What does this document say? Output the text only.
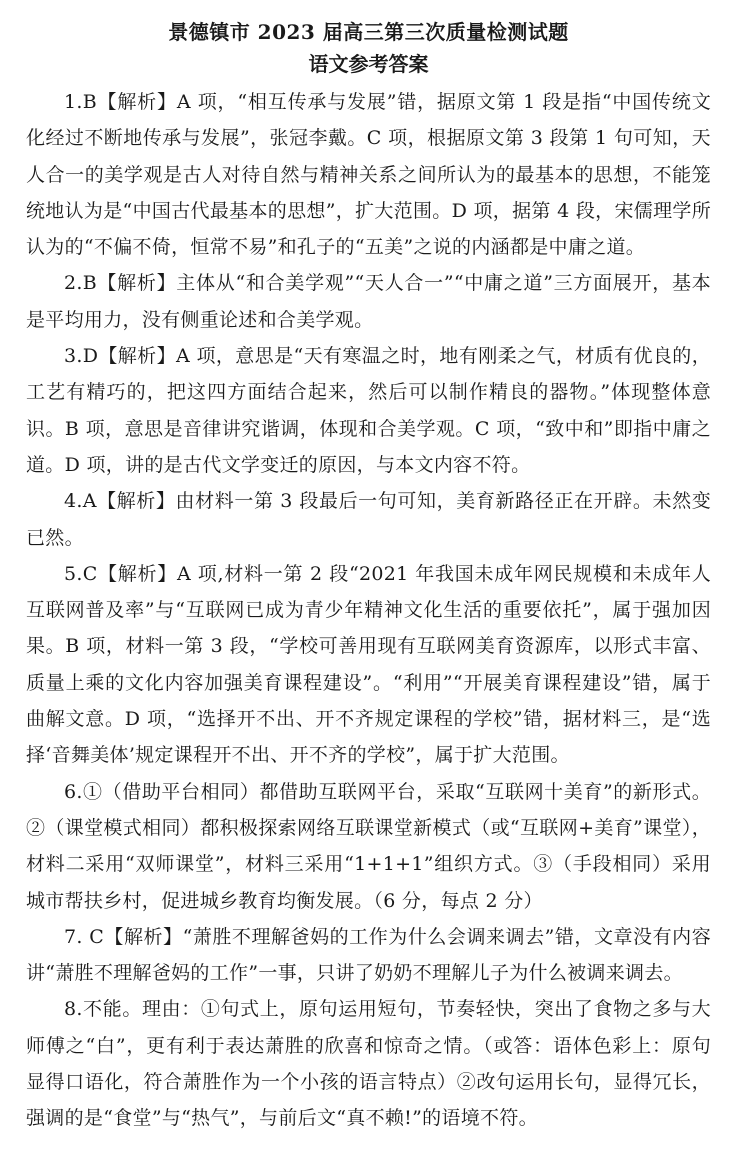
景德镇市 2023 届高三第三次质量检测试题
语文参考答案

1.B【解析】A 项，“相互传承与发展”错，据原文第 1 段是指“中国传统文化经过不断地传承与发展”，张冠李戴。C 项，根据原文第 3 段第 1 句可知，天人合一的美学观是古人对待自然与精神关系之间所认为的最基本的思想，不能笼统地认为是“中国古代最基本的思想”，扩大范围。D 项，据第 4 段，宋儒理学所认为的“不偏不倚，恒常不易”和孔子的“五美”之说的内涵都是中庸之道。

2.B【解析】主体从“和合美学观”“天人合一”“中庸之道”三方面展开，基本是平均用力，没有侧重论述和合美学观。

3.D【解析】A 项，意思是“天有寒温之时，地有刚柔之气，材质有优良的，工艺有精巧的，把这四方面结合起来，然后可以制作精良的器物。”体现整体意识。B 项，意思是音律讲究谐调，体现和合美学观。C 项，“致中和”即指中庸之道。D 项，讲的是古代文学变迁的原因，与本文内容不符。

4.A【解析】由材料一第 3 段最后一句可知，美育新路径正在开辟。未然变已然。

5.C【解析】A 项,材料一第 2 段“2021 年我国未成年网民规模和未成年人互联网普及率”与“互联网已成为青少年精神文化生活的重要依托”，属于强加因果。B 项，材料一第 3 段，“学校可善用现有互联网美育资源库，以形式丰富、质量上乘的文化内容加强美育课程建设”。“利用”“开展美育课程建设”错，属于曲解文意。D 项，“选择开不出、开不齐规定课程的学校”错，据材料三，是“选择‘音舞美体’规定课程开不出、开不齐的学校”，属于扩大范围。

6.①（借助平台相同）都借助互联网平台，采取“互联网十美育”的新形式。②（课堂模式相同）都积极探索网络互联课堂新模式（或“互联网+美育”课堂），材料二采用“双师课堂”，材料三采用“1+1+1”组织方式。③（手段相同）采用城市帮扶乡村，促进城乡教育均衡发展。（6 分，每点 2 分）

7. C【解析】“萧胜不理解爸妈的工作为什么会调来调去”错，文章没有内容讲“萧胜不理解爸妈的工作”一事，只讲了奶奶不理解儿子为什么被调来调去。

8.不能。理由：①句式上，原句运用短句，节奏轻快，突出了食物之多与大师傅之“白”，更有利于表达萧胜的欣喜和惊奇之情。（或答：语体色彩上：原句显得口语化，符合萧胜作为一个小孩的语言特点）②改句运用长句，显得冗长，强调的是“食堂”与“热气”，与前后文“真不赖!”的语境不符。
